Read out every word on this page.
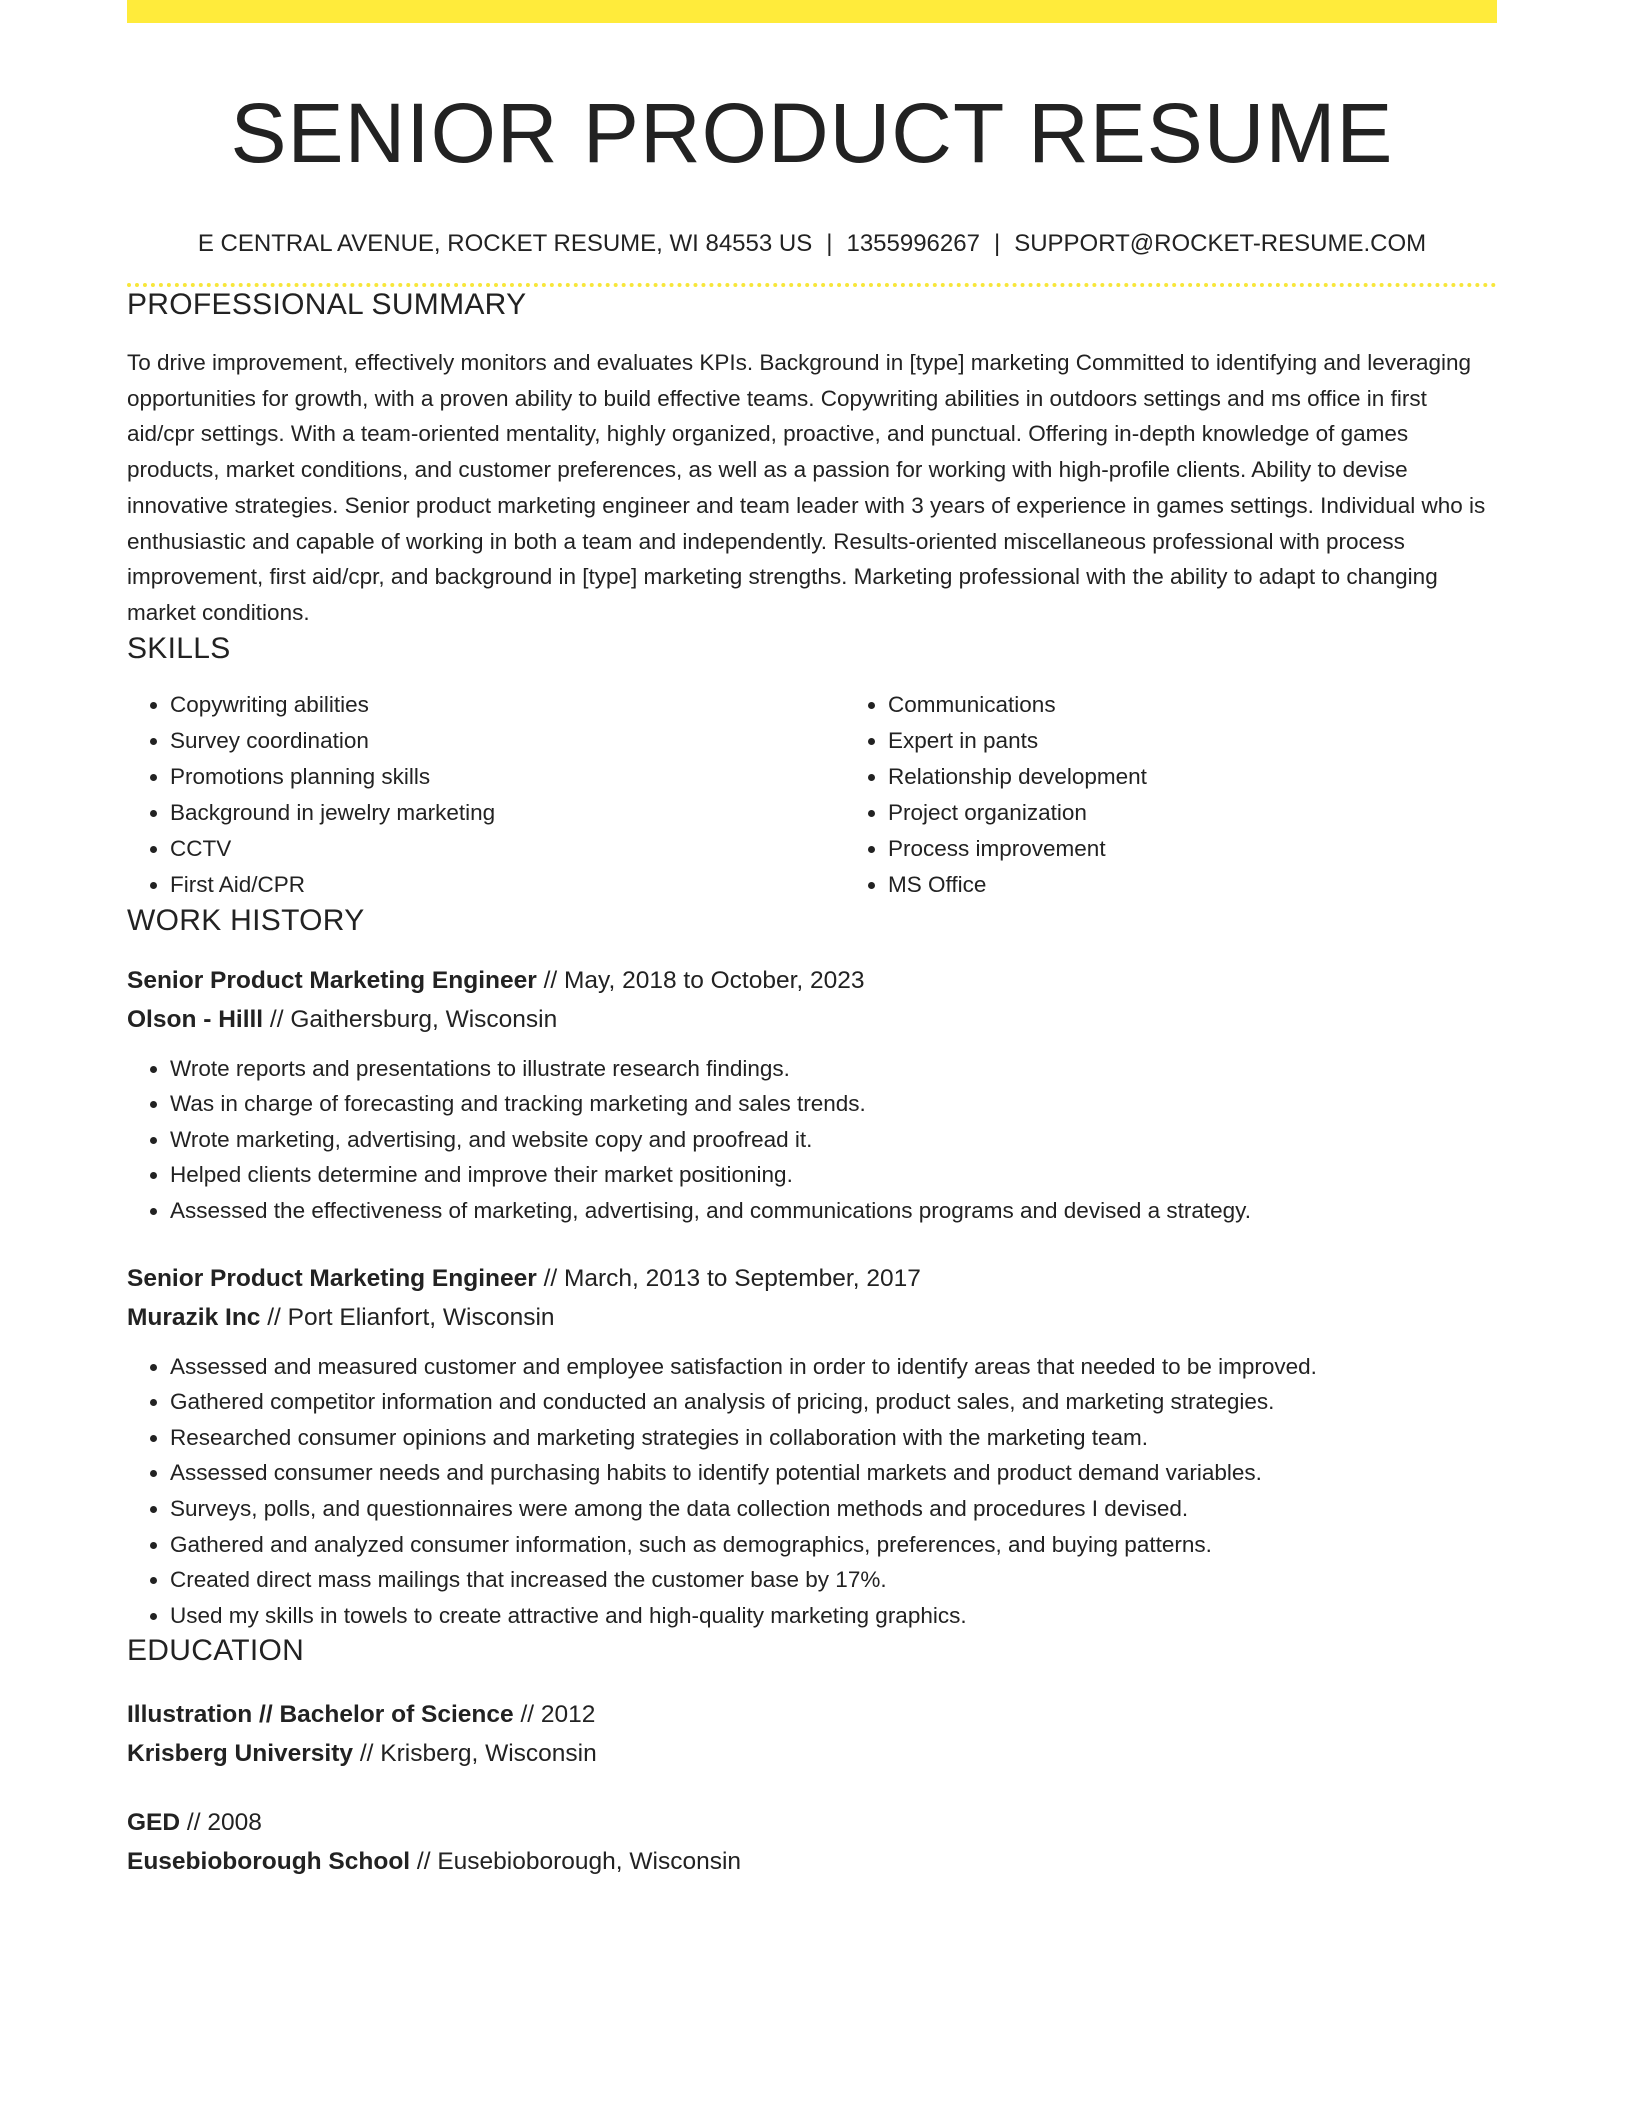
SENIOR PRODUCT RESUME
E CENTRAL AVENUE, ROCKET RESUME, WI 84553 US | 1355996267 | SUPPORT@ROCKET-RESUME.COM
PROFESSIONAL SUMMARY

To drive improvement, effectively monitors and evaluates KPIs. Background in [type] marketing Committed to identifying and leveraging opportunities for growth, with a proven ability to build effective teams. Copywriting abilities in outdoors settings and ms office in first aid/cpr settings. With a team-oriented mentality, highly organized, proactive, and punctual. Offering in-depth knowledge of games products, market conditions, and customer preferences, as well as a passion for working with high-profile clients. Ability to devise innovative strategies. Senior product marketing engineer and team leader with 3 years of experience in games settings. Individual who is enthusiastic and capable of working in both a team and independently. Results-oriented miscellaneous professional with process improvement, first aid/cpr, and background in [type] marketing strengths. Marketing professional with the ability to adapt to changing market conditions.

SKILLS
• Copywriting abilities
• Survey coordination
• Promotions planning skills
• Background in jewelry marketing
• CCTV
• First Aid/CPR
• Communications
• Expert in pants
• Relationship development
• Project organization
• Process improvement
• MS Office
WORK HISTORY
Senior Product Marketing Engineer // May, 2018 to October, 2023
Olson - Hilll // Gaithersburg, Wisconsin
• Wrote reports and presentations to illustrate research findings.
• Was in charge of forecasting and tracking marketing and sales trends.
• Wrote marketing, advertising, and website copy and proofread it.
• Helped clients determine and improve their market positioning.
• Assessed the effectiveness of marketing, advertising, and communications programs and devised a strategy.
Senior Product Marketing Engineer // March, 2013 to September, 2017
Murazik Inc // Port Elianfort, Wisconsin
• Assessed and measured customer and employee satisfaction in order to identify areas that needed to be improved.
• Gathered competitor information and conducted an analysis of pricing, product sales, and marketing strategies.
• Researched consumer opinions and marketing strategies in collaboration with the marketing team.
• Assessed consumer needs and purchasing habits to identify potential markets and product demand variables.
• Surveys, polls, and questionnaires were among the data collection methods and procedures I devised.
• Gathered and analyzed consumer information, such as demographics, preferences, and buying patterns.
• Created direct mass mailings that increased the customer base by 17%.
• Used my skills in towels to create attractive and high-quality marketing graphics.
EDUCATION
Illustration // Bachelor of Science // 2012
Krisberg University // Krisberg, Wisconsin
GED // 2008
Eusebioborough School // Eusebioborough, Wisconsin
